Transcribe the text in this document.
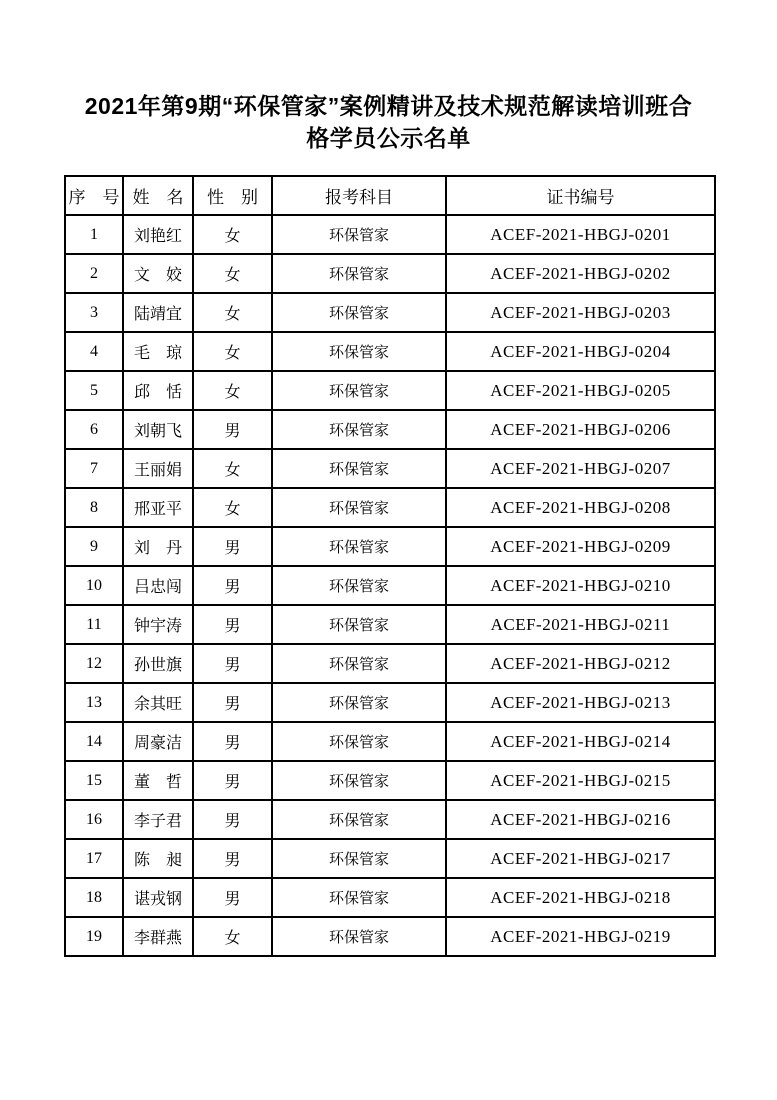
2021年第9期“环保管家”案例精讲及技术规范解读培训班合
格学员公示名单
序　号	姓　名	性　别	报考科目	证书编号
1	刘艳红	女	环保管家	ACEF-2021-HBGJ-0201
2	文　姣	女	环保管家	ACEF-2021-HBGJ-0202
3	陆靖宜	女	环保管家	ACEF-2021-HBGJ-0203
4	毛　琼	女	环保管家	ACEF-2021-HBGJ-0204
5	邱　恬	女	环保管家	ACEF-2021-HBGJ-0205
6	刘朝飞	男	环保管家	ACEF-2021-HBGJ-0206
7	王丽娟	女	环保管家	ACEF-2021-HBGJ-0207
8	邢亚平	女	环保管家	ACEF-2021-HBGJ-0208
9	刘　丹	男	环保管家	ACEF-2021-HBGJ-0209
10	吕忠闯	男	环保管家	ACEF-2021-HBGJ-0210
11	钟宇涛	男	环保管家	ACEF-2021-HBGJ-0211
12	孙世旗	男	环保管家	ACEF-2021-HBGJ-0212
13	余其旺	男	环保管家	ACEF-2021-HBGJ-0213
14	周豪洁	男	环保管家	ACEF-2021-HBGJ-0214
15	董　哲	男	环保管家	ACEF-2021-HBGJ-0215
16	李子君	男	环保管家	ACEF-2021-HBGJ-0216
17	陈　昶	男	环保管家	ACEF-2021-HBGJ-0217
18	谌戎钢	男	环保管家	ACEF-2021-HBGJ-0218
19	李群燕	女	环保管家	ACEF-2021-HBGJ-0219
